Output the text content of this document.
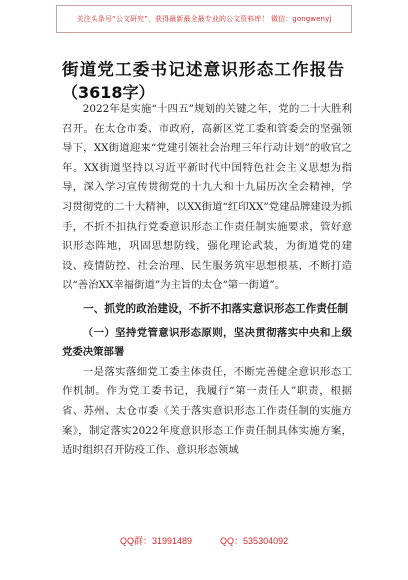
关注头条号“公文研究”，获得最新最全最专业的公文资料库！ 微信：gongwenyj
街道党工委书记述意识形态工作报告
（3618字）

2022年是实施“十四五”规划的关键之年，党的二十大胜利召开。在太仓市委、市政府，高新区党工委和管委会的坚强领导下，XX街道迎来“党建引领社会治理三年行动计划”的收官之年。XX街道坚持以习近平新时代中国特色社会主义思想为指导，深入学习宣传贯彻党的十九大和十九届历次全会精神，学习贯彻党的二十大精神，以XX街道“红印XX”党建品牌建设为抓手，不折不扣执行党委意识形态工作责任制实施要求，管好意识形态阵地，巩固思想防线，强化理论武装，为街道党的建设、疫情防控、社会治理、民生服务筑牢思想根基，不断打造以“善治XX幸福街道”为主旨的太仓“第一街道”。

一、抓党的政治建设，不折不扣落实意识形态工作责任制

（一）坚持党管意识形态原则，坚决贯彻落实中央和上级党委决策部署

一是落实落细党工委主体责任，不断完善健全意识形态工作机制。作为党工委书记，我履行“第一责任人”职责，根据省、苏州、太仓市委《关于落实意识形态工作责任制的实施方案》，制定落实2022年度意识形态工作责任制具体实施方案，适时组织召开防疫工作、意识形态领域

QQ群：31991489	QQ：535304092
